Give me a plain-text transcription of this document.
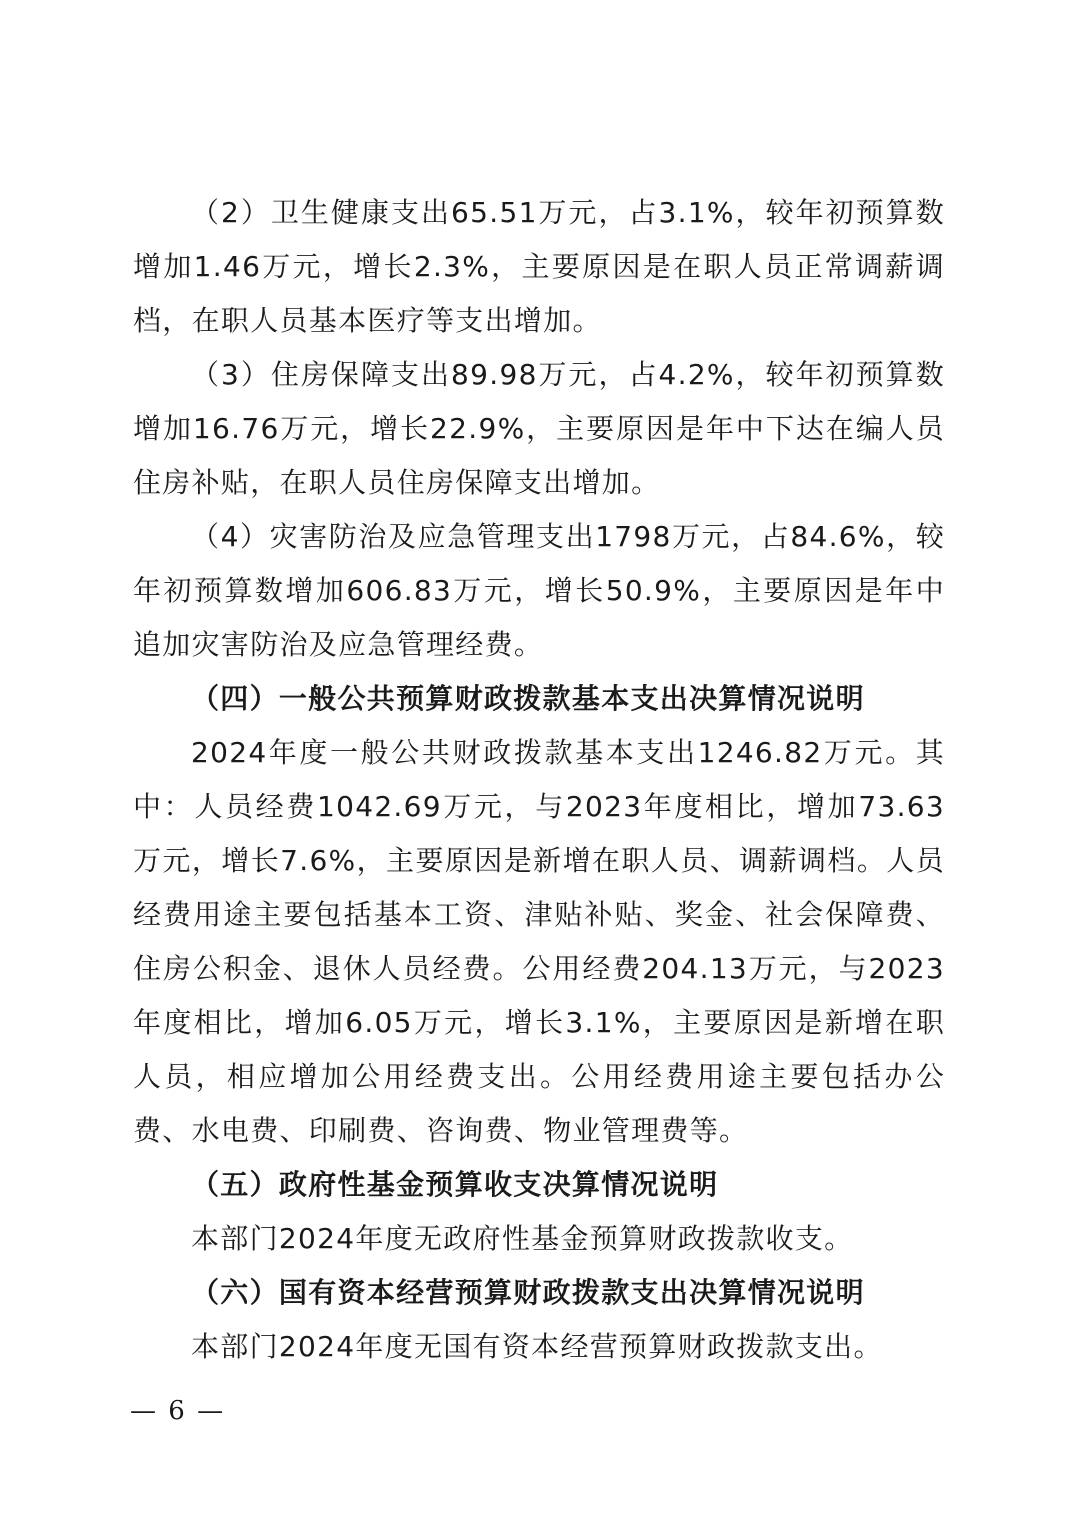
（2）卫生健康支出65.51万元，占3.1%，较年初预算数增加1.46万元，增长2.3%，主要原因是在职人员正常调薪调档，在职人员基本医疗等支出增加。

（3）住房保障支出89.98万元，占4.2%，较年初预算数增加16.76万元，增长22.9%，主要原因是年中下达在编人员住房补贴，在职人员住房保障支出增加。

（4）灾害防治及应急管理支出1798万元，占84.6%，较年初预算数增加606.83万元，增长50.9%，主要原因是年中追加灾害防治及应急管理经费。

（四）一般公共预算财政拨款基本支出决算情况说明

2024年度一般公共财政拨款基本支出1246.82万元。其中：人员经费1042.69万元，与2023年度相比，增加73.63万元，增长7.6%，主要原因是新增在职人员、调薪调档。人员经费用途主要包括基本工资、津贴补贴、奖金、社会保障费、住房公积金、退休人员经费。公用经费204.13万元，与2023年度相比，增加6.05万元，增长3.1%，主要原因是新增在职人员，相应增加公用经费支出。公用经费用途主要包括办公费、水电费、印刷费、咨询费、物业管理费等。

（五）政府性基金预算收支决算情况说明

本部门2024年度无政府性基金预算财政拨款收支。

（六）国有资本经营预算财政拨款支出决算情况说明

本部门2024年度无国有资本经营预算财政拨款支出。

— 6 —
